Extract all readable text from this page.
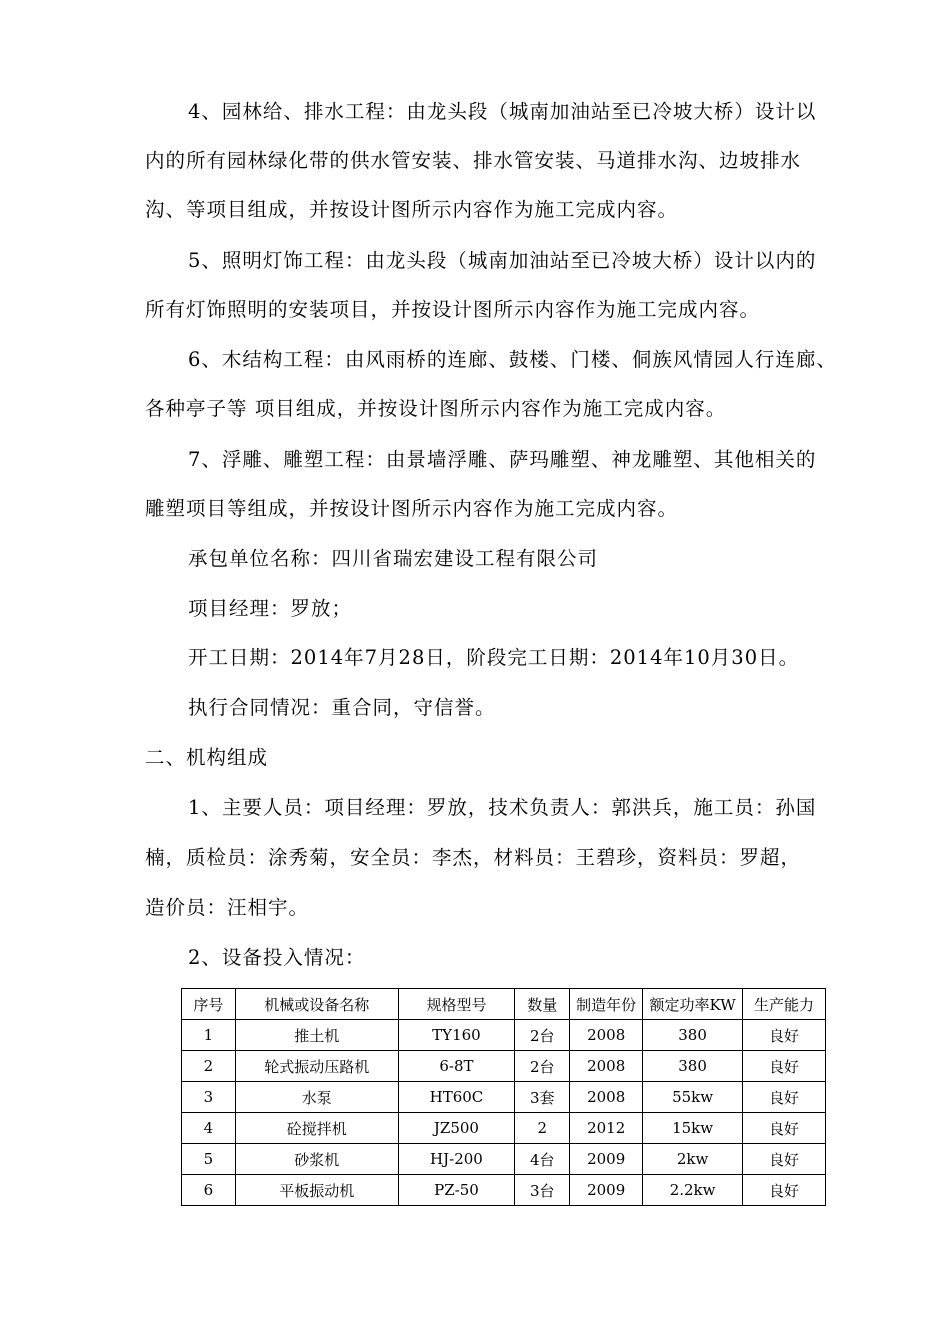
4、园林给、排水工程：由龙头段（城南加油站至已冷坡大桥）设计以
内的所有园林绿化带的供水管安装、排水管安装、马道排水沟、边坡排水
沟、等项目组成，并按设计图所示内容作为施工完成内容。
5、照明灯饰工程：由龙头段（城南加油站至已冷坡大桥）设计以内的
所有灯饰照明的安装项目，并按设计图所示内容作为施工完成内容。
6、木结构工程：由风雨桥的连廊、鼓楼、门楼、侗族风情园人行连廊、
各种亭子等 项目组成，并按设计图所示内容作为施工完成内容。
7、浮雕、雕塑工程：由景墙浮雕、萨玛雕塑、神龙雕塑、其他相关的
雕塑项目等组成，并按设计图所示内容作为施工完成内容。
承包单位名称：四川省瑞宏建设工程有限公司
项目经理：罗放；
开工日期：2014年7月28日，阶段完工日期：2014年10月30日。
执行合同情况：重合同，守信誉。
二、机构组成
1、主要人员：项目经理：罗放，技术负责人：郭洪兵，施工员：孙国
楠，质检员：涂秀菊，安全员：李杰，材料员：王碧珍，资料员：罗超，
造价员：汪相宇。
2、设备投入情况：
序号	机械或设备名称	规格型号	数量	制造年份	额定功率KW	生产能力
1	推土机	TY160	2台	2008	380	良好
2	轮式振动压路机	6-8T	2台	2008	380	良好
3	水泵	HT60C	3套	2008	55kw	良好
4	砼搅拌机	JZ500	2	2012	15kw	良好
5	砂浆机	HJ-200	4台	2009	2kw	良好
6	平板振动机	PZ-50	3台	2009	2.2kw	良好
